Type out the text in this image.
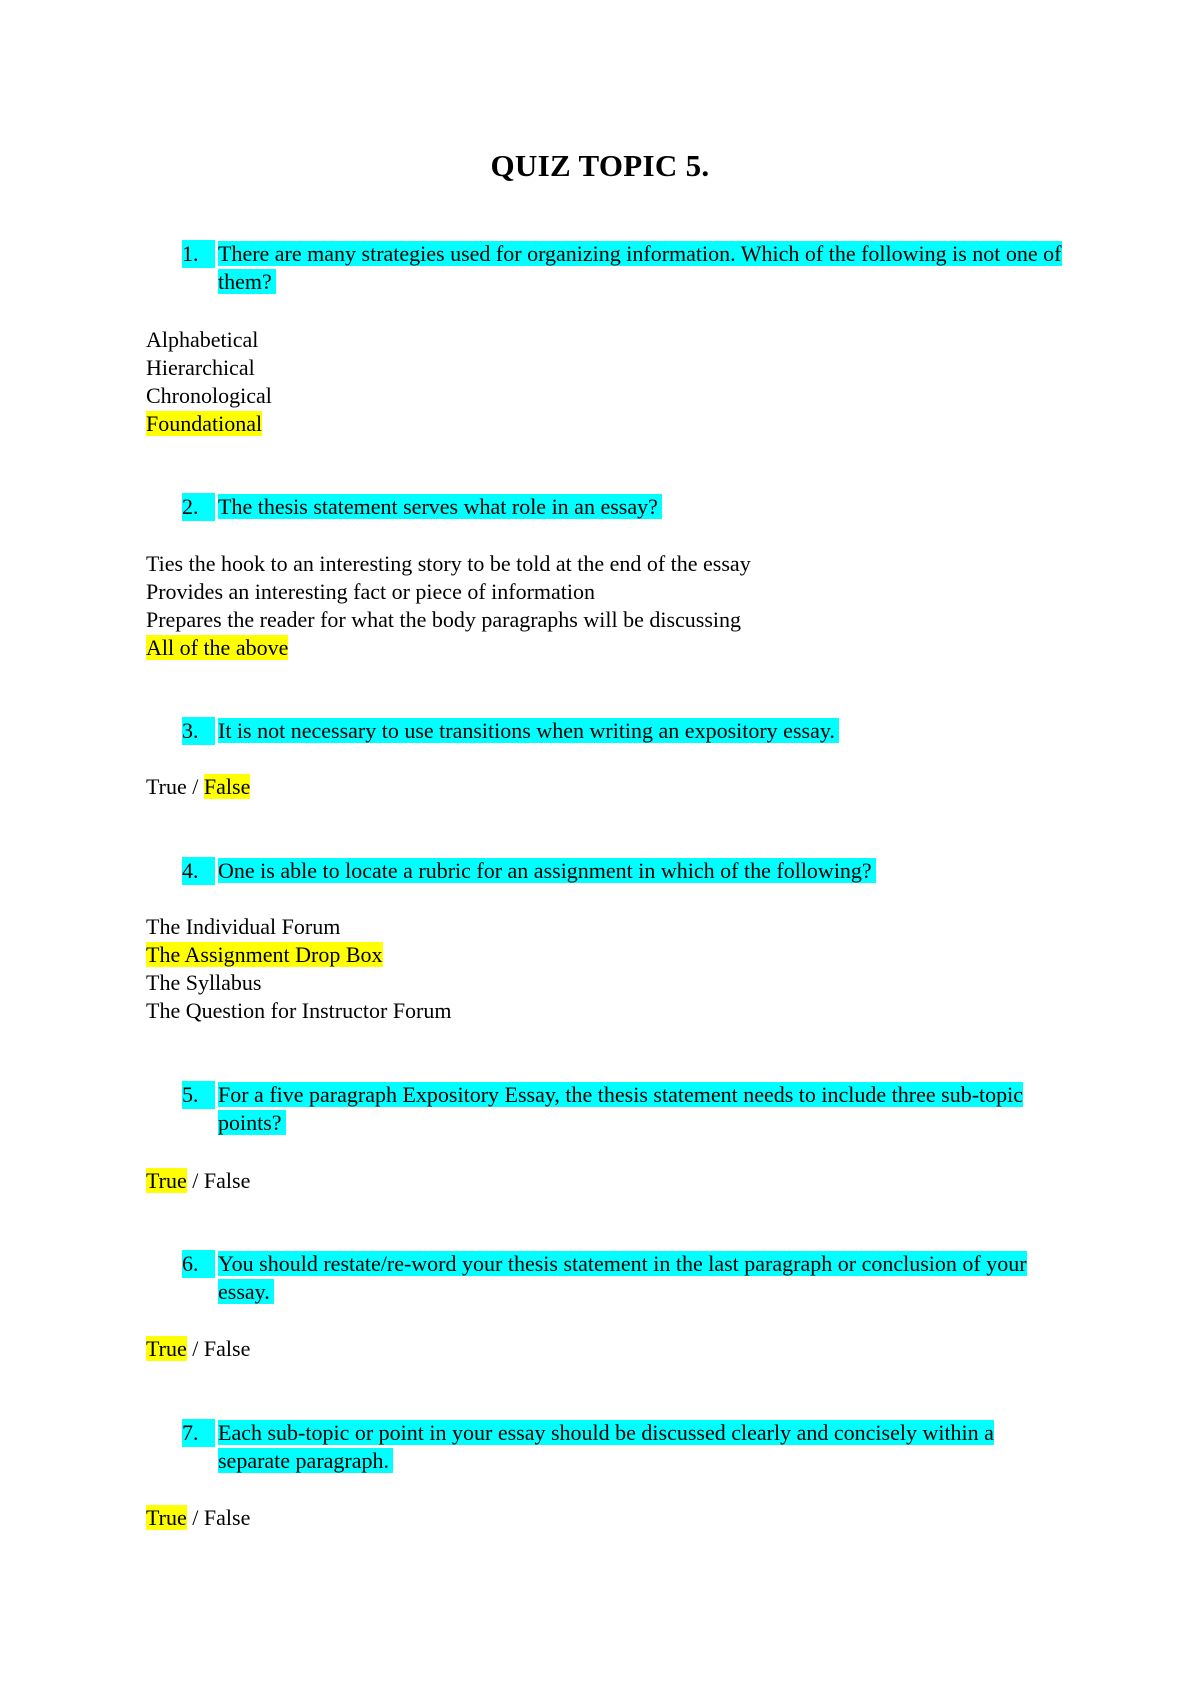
QUIZ TOPIC 5.
1. There are many strategies used for organizing information. Which of the following is not one of them?
Alphabetical
Hierarchical
Chronological
Foundational
2. The thesis statement serves what role in an essay?
Ties the hook to an interesting story to be told at the end of the essay
Provides an interesting fact or piece of information
Prepares the reader for what the body paragraphs will be discussing
All of the above
3. It is not necessary to use transitions when writing an expository essay.
True / False
4. One is able to locate a rubric for an assignment in which of the following?
The Individual Forum
The Assignment Drop Box
The Syllabus
The Question for Instructor Forum
5. For a five paragraph Expository Essay, the thesis statement needs to include three sub-topic points?
True / False
6. You should restate/re-word your thesis statement in the last paragraph or conclusion of your essay.
True / False
7. Each sub-topic or point in your essay should be discussed clearly and concisely within a separate paragraph.
True / False
